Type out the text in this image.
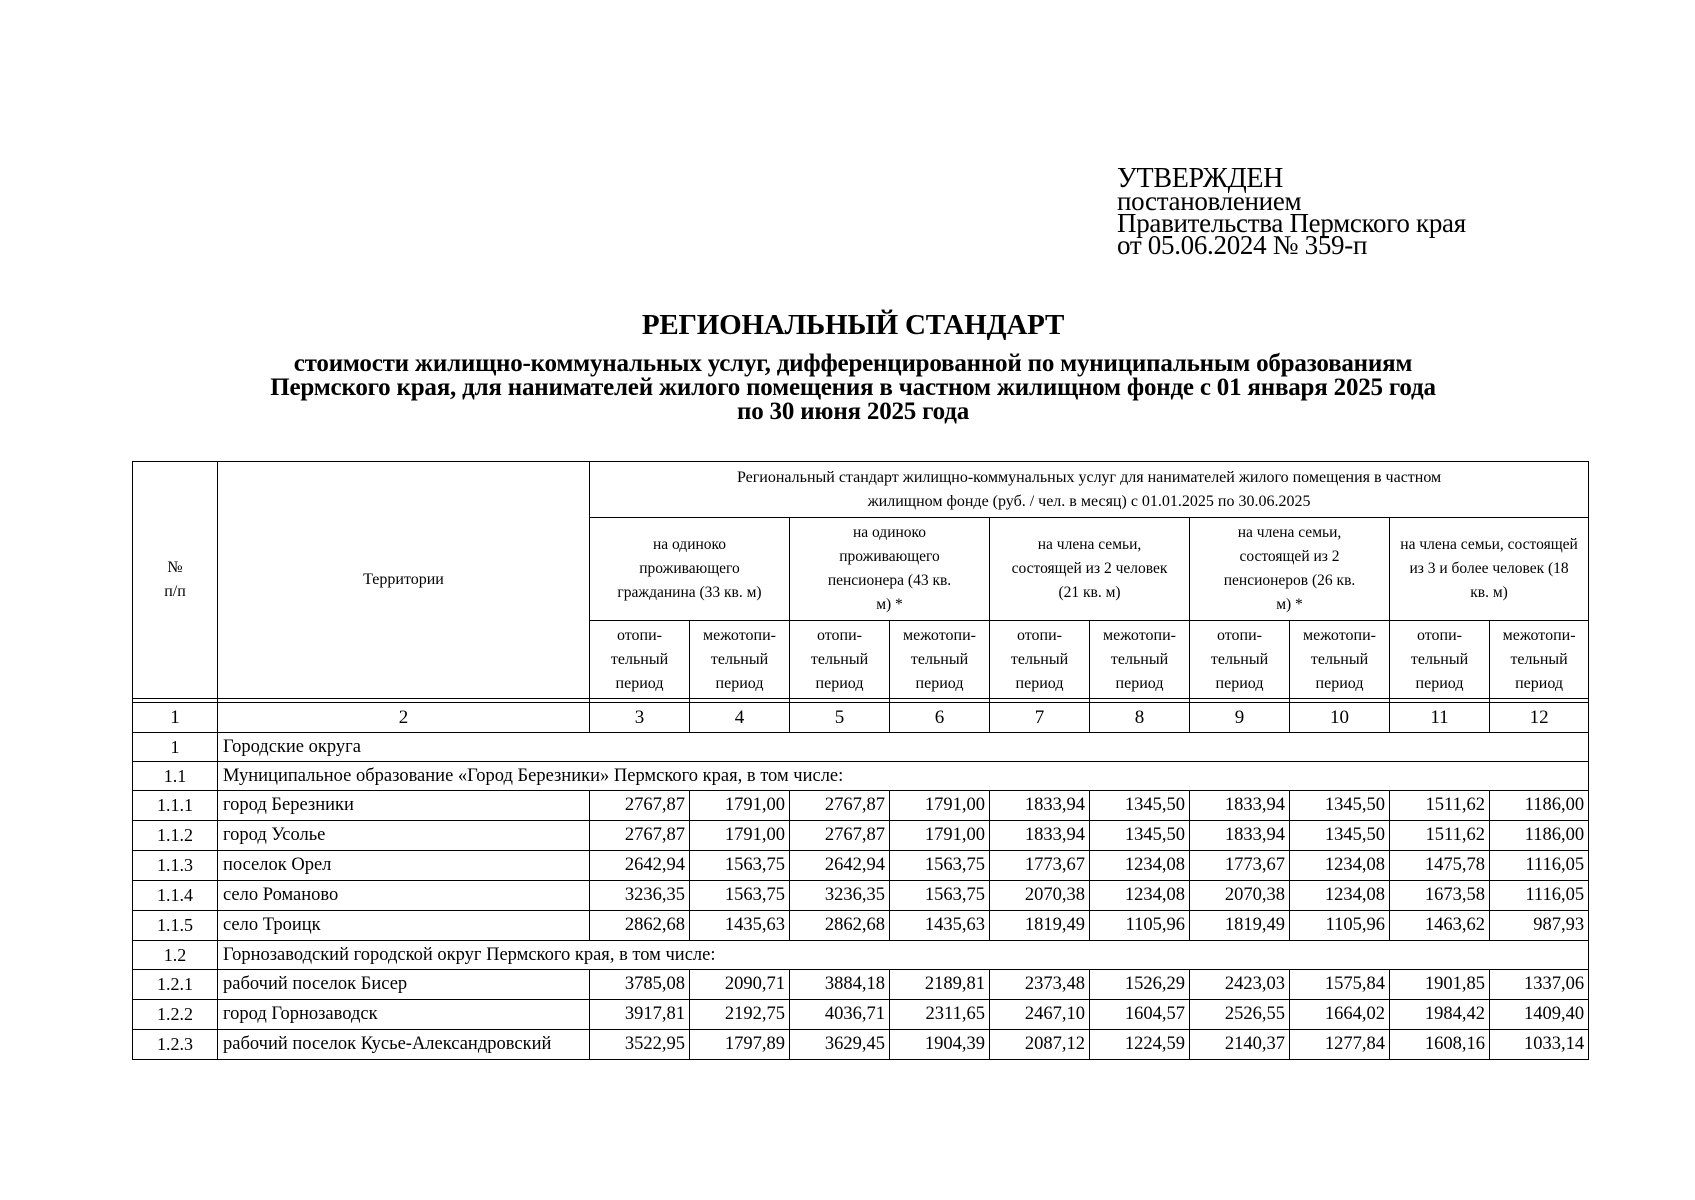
УТВЕРЖДЕН
постановлением
Правительства Пермского края
от 05.06.2024 № 359-п
РЕГИОНАЛЬНЫЙ СТАНДАРТ
стоимости жилищно-коммунальных услуг, дифференцированной по муниципальным образованиям
Пермского края, для нанимателей жилого помещения в частном жилищном фонде с 01 января 2025 года
по 30 июня 2025 года
№ п/п	Территории	Региональный стандарт жилищно-коммунальных услуг для нанимателей жилого помещения в частном жилищном фонде (руб. / чел. в месяц) с 01.01.2025 по 30.06.2025									

		на одиноко проживающего гражданина (33 кв. м)		на одиноко проживающего пенсионера (43 кв. м) *		на члена семьи, состоящей из 2 человек (21 кв. м)		на члена семьи, состоящей из 2 пенсионеров (26 кв. м) *		на члена семьи, состоящей из 3 и более человек (18 кв. м)	

		отопи-тельный период	межотопи-тельный период	отопи-тельный период	межотопи-тельный период	отопи-тельный период	межотопи-тельный период	отопи-тельный период	межотопи-тельный период	отопи-тельный период	межотопи-тельный период

1	2	3	4	5	6	7	8	9	10	11	12
1	Городские округа										
1.1	Муниципальное образование «Город Березники» Пермского края, в том числе:										
1.1.1	город Березники	2767,87	1791,00	2767,87	1791,00	1833,94	1345,50	1833,94	1345,50	1511,62	1186,00
1.1.2	город Усолье	2767,87	1791,00	2767,87	1791,00	1833,94	1345,50	1833,94	1345,50	1511,62	1186,00
1.1.3	поселок Орел	2642,94	1563,75	2642,94	1563,75	1773,67	1234,08	1773,67	1234,08	1475,78	1116,05
1.1.4	село Романово	3236,35	1563,75	3236,35	1563,75	2070,38	1234,08	2070,38	1234,08	1673,58	1116,05
1.1.5	село Троицк	2862,68	1435,63	2862,68	1435,63	1819,49	1105,96	1819,49	1105,96	1463,62	987,93
1.2	Горнозаводский городской округ Пермского края, в том числе:										
1.2.1	рабочий поселок Бисер	3785,08	2090,71	3884,18	2189,81	2373,48	1526,29	2423,03	1575,84	1901,85	1337,06
1.2.2	город Горнозаводск	3917,81	2192,75	4036,71	2311,65	2467,10	1604,57	2526,55	1664,02	1984,42	1409,40
1.2.3	рабочий поселок Кусье-Александровский	3522,95	1797,89	3629,45	1904,39	2087,12	1224,59	2140,37	1277,84	1608,16	1033,14
